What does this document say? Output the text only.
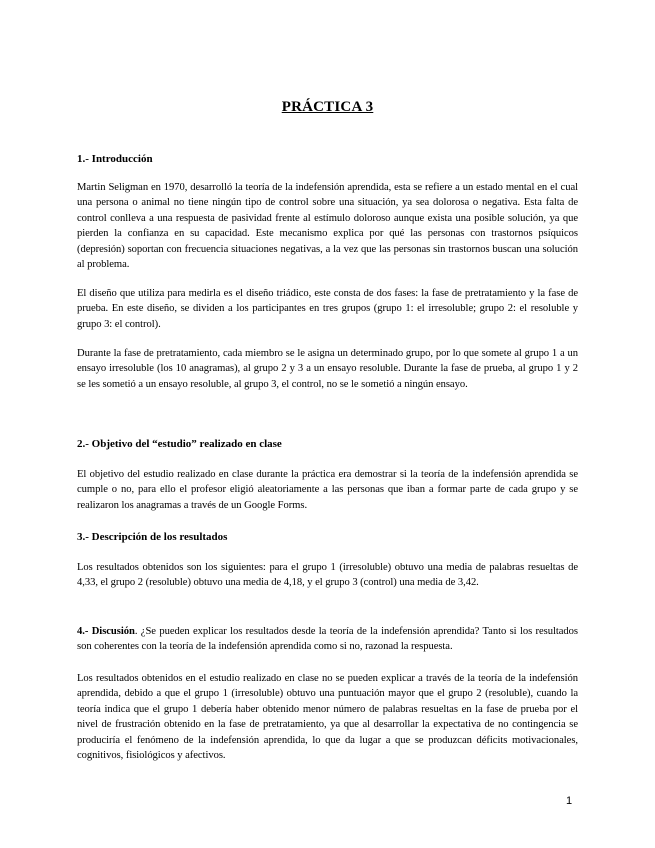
PRÁCTICA 3
1.- Introducción

Martin Seligman en 1970, desarrolló la teoría de la indefensión aprendida, esta se refiere a un estado mental en el cual una persona o animal no tiene ningún tipo de control sobre una situación, ya sea dolorosa o negativa. Esta falta de control conlleva a una respuesta de pasividad frente al estímulo doloroso aunque exista una posible solución, ya que pierden la confianza en su capacidad. Este mecanismo explica por qué las personas con trastornos psíquicos (depresión) soportan con frecuencia situaciones negativas, a la vez que las personas sin trastornos buscan una solución al problema.

El diseño que utiliza para medirla es el diseño triádico, este consta de dos fases: la fase de pretratamiento y la fase de prueba. En este diseño, se dividen a los participantes en tres grupos (grupo 1: el irresoluble; grupo 2: el resoluble y grupo 3: el control).

Durante la fase de pretratamiento, cada miembro se le asigna un determinado grupo, por lo que somete al grupo 1 a un ensayo irresoluble (los 10 anagramas), al grupo 2 y 3 a un ensayo resoluble. Durante la fase de prueba, al grupo 1 y 2 se les sometió a un ensayo resoluble, al grupo 3, el control, no se le sometió a ningún ensayo.

2.- Objetivo del “estudio” realizado en clase

El objetivo del estudio realizado en clase durante la práctica era demostrar si la teoría de la indefensión aprendida se cumple o no, para ello el profesor eligió aleatoriamente a las personas que iban a formar parte de cada grupo y se realizaron los anagramas a través de un Google Forms.

3.- Descripción de los resultados

Los resultados obtenidos son los siguientes: para el grupo 1 (irresoluble) obtuvo una media de palabras resueltas de 4,33, el grupo 2 (resoluble) obtuvo una media de 4,18, y el grupo 3 (control) una media de 3,42.

4.- Discusión. ¿Se pueden explicar los resultados desde la teoría de la indefensión aprendida? Tanto si los resultados son coherentes con la teoría de la indefensión aprendida como si no, razonad la respuesta.

Los resultados obtenidos en el estudio realizado en clase no se pueden explicar a través de la teoría de la indefensión aprendida, debido a que el grupo 1 (irresoluble) obtuvo una puntuación mayor que el grupo 2 (resoluble), cuando la teoría indica que el grupo 1 debería haber obtenido menor número de palabras resueltas en la fase de prueba por el nivel de frustración obtenido en la fase de pretratamiento, ya que al desarrollar la expectativa de no contingencia se produciría el fenómeno de la indefensión aprendida, lo que da lugar a que se produzcan déficits motivacionales, cognitivos, fisiológicos y afectivos.

1
